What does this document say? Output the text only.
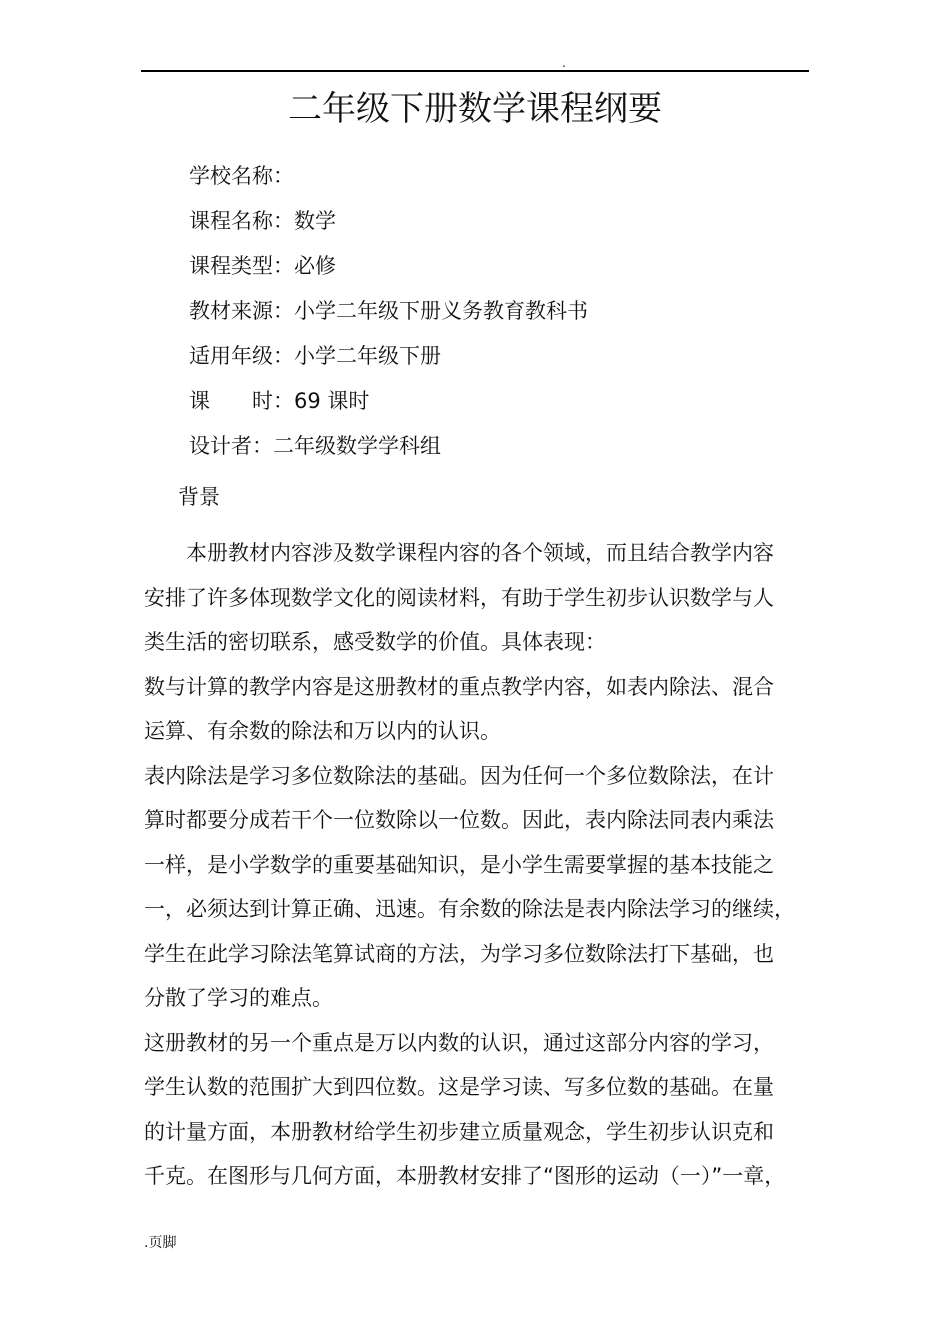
.
二年级下册数学课程纲要
学校名称：
课程名称：数学
课程类型：必修
教材来源：小学二年级下册义务教育教科书
适用年级：小学二年级下册
课　　时：69 课时
设计者：二年级数学学科组
背景
本册教材内容涉及数学课程内容的各个领域，而且结合教学内容
安排了许多体现数学文化的阅读材料，有助于学生初步认识数学与人
类生活的密切联系，感受数学的价值。具体表现：
数与计算的教学内容是这册教材的重点教学内容，如表内除法、混合
运算、有余数的除法和万以内的认识。
表内除法是学习多位数除法的基础。因为任何一个多位数除法，在计
算时都要分成若干个一位数除以一位数。因此，表内除法同表内乘法
一样，是小学数学的重要基础知识，是小学生需要掌握的基本技能之
一，必须达到计算正确、迅速。有余数的除法是表内除法学习的继续，
学生在此学习除法笔算试商的方法，为学习多位数除法打下基础，也
分散了学习的难点。
这册教材的另一个重点是万以内数的认识，通过这部分内容的学习，
学生认数的范围扩大到四位数。这是学习读、写多位数的基础。在量
的计量方面，本册教材给学生初步建立质量观念，学生初步认识克和
千克。在图形与几何方面，本册教材安排了“图形的运动（一）”一章，
.页脚
